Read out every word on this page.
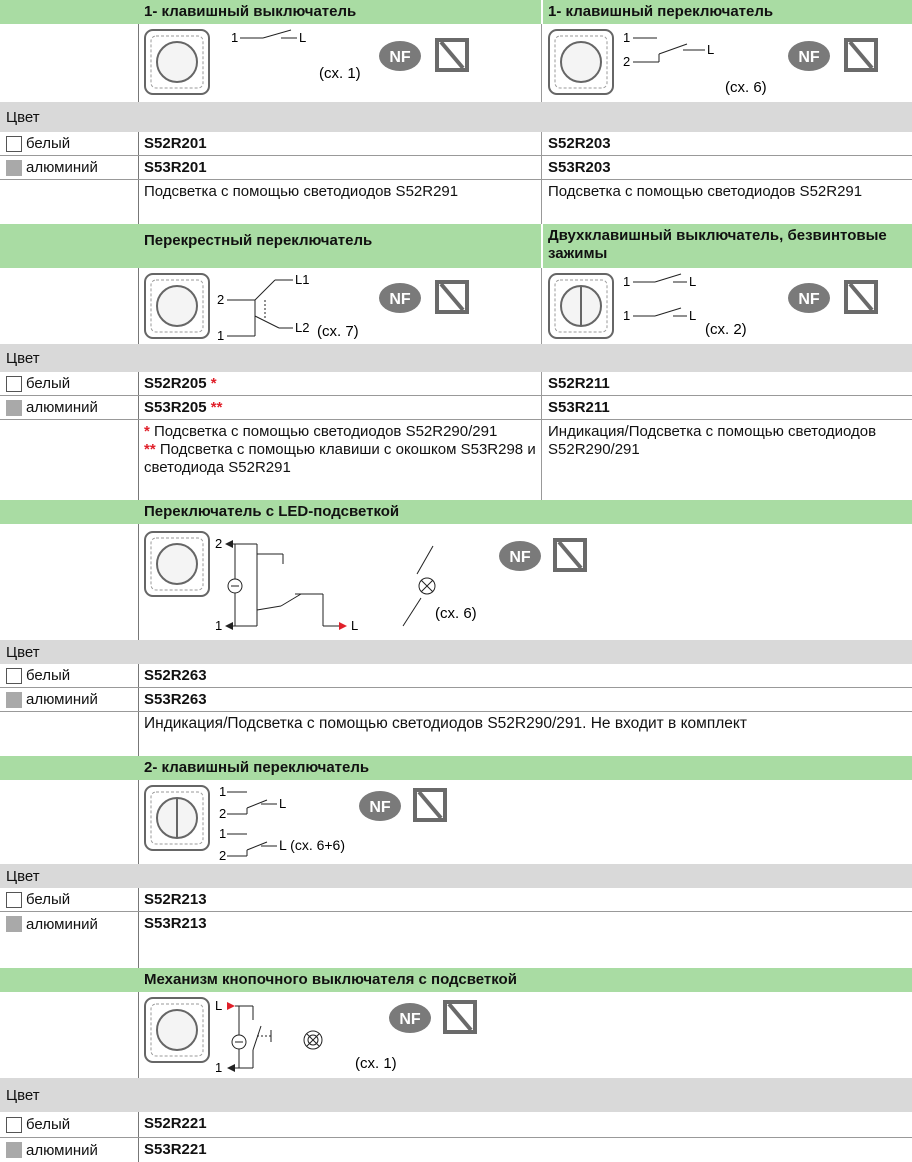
1- клавишный выключатель	1- клавишный переключатель
1	L
(сх. 1)
NF
1
2
L
(сх. 6)
NF
Цвет
белый	S52R201	S52R203
алюминий	S53R201	S53R203
Подсветка с помощью светодиодов S52R291	Подсветка с помощью светодиодов S52R291
Перекрестный переключатель	Двухклавишный выключатель, безвинтовые зажимы
2
1
L1
L2 (сх. 7)
NF
1	L
1	L
(сх. 2)
NF
Цвет
белый	S52R205 *	S52R211
алюминий	S53R205 **	S53R211
* Подсветка с помощью светодиодов S52R290/291
** Подсветка с помощью клавиши с окошком S53R298 и светодиода S52R291
Индикация/Подсветка с помощью светодиодов S52R290/291
Переключатель с LED-подсветкой
2
1	L
(сх. 6)
NF
Цвет
белый	S52R263
алюминий	S53R263
Индикация/Подсветка с помощью светодиодов S52R290/291. Не входит в комплект
2- клавишный переключатель
1
2
L
1
2
L (сх. 6+6)
NF
Цвет
белый	S52R213
алюминий	S53R213
Механизм кнопочного выключателя с подсветкой
L
1	(сх. 1)
NF
Цвет
белый	S52R221
алюминий	S53R221
